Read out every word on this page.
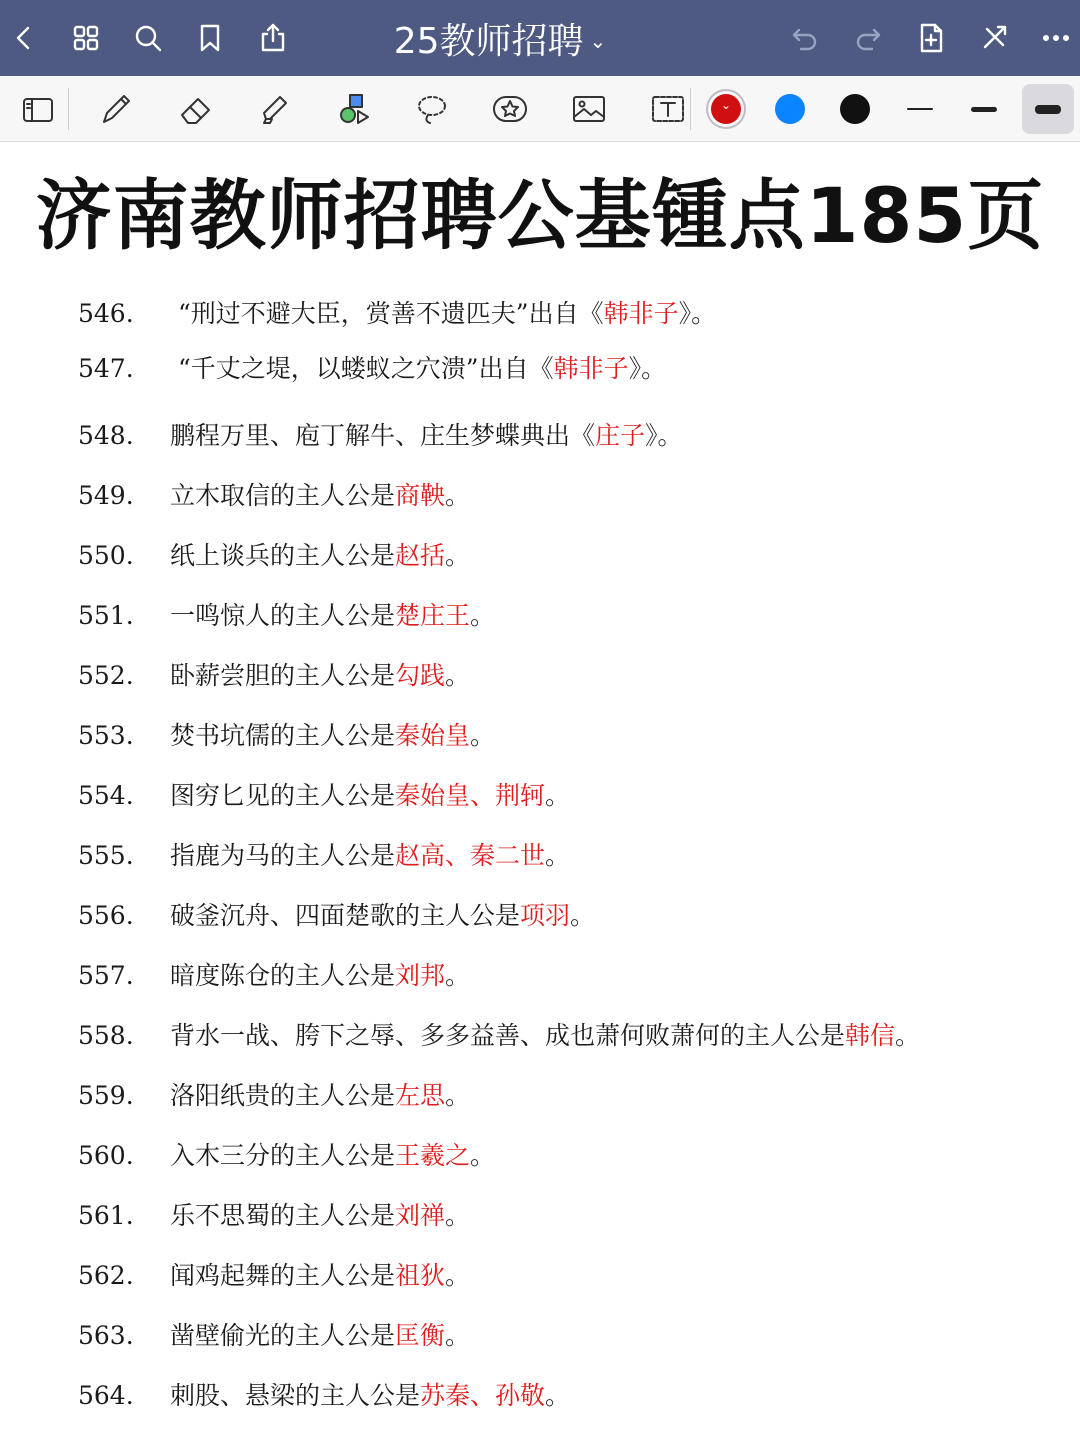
25教师招聘 ⌄
⌄
济南教师招聘公基锺点185页
546. “刑过不避大臣，赏善不遗匹夫”出自《韩非子》。
547. “千丈之堤，以蝼蚁之穴溃”出自《韩非子》。
548. 鹏程万里、庖丁解牛、庄生梦蝶典出《庄子》。
549. 立木取信的主人公是商鞅。
550. 纸上谈兵的主人公是赵括。
551. 一鸣惊人的主人公是楚庄王。
552. 卧薪尝胆的主人公是勾践。
553. 焚书坑儒的主人公是秦始皇。
554. 图穷匕见的主人公是秦始皇、荆轲。
555. 指鹿为马的主人公是赵高、秦二世。
556. 破釜沉舟、四面楚歌的主人公是项羽。
557. 暗度陈仓的主人公是刘邦。
558. 背水一战、胯下之辱、多多益善、成也萧何败萧何的主人公是韩信。
559. 洛阳纸贵的主人公是左思。
560. 入木三分的主人公是王羲之。
561. 乐不思蜀的主人公是刘禅。
562. 闻鸡起舞的主人公是祖狄。
563. 凿壁偷光的主人公是匡衡。
564. 刺股、悬梁的主人公是苏秦、孙敬。
